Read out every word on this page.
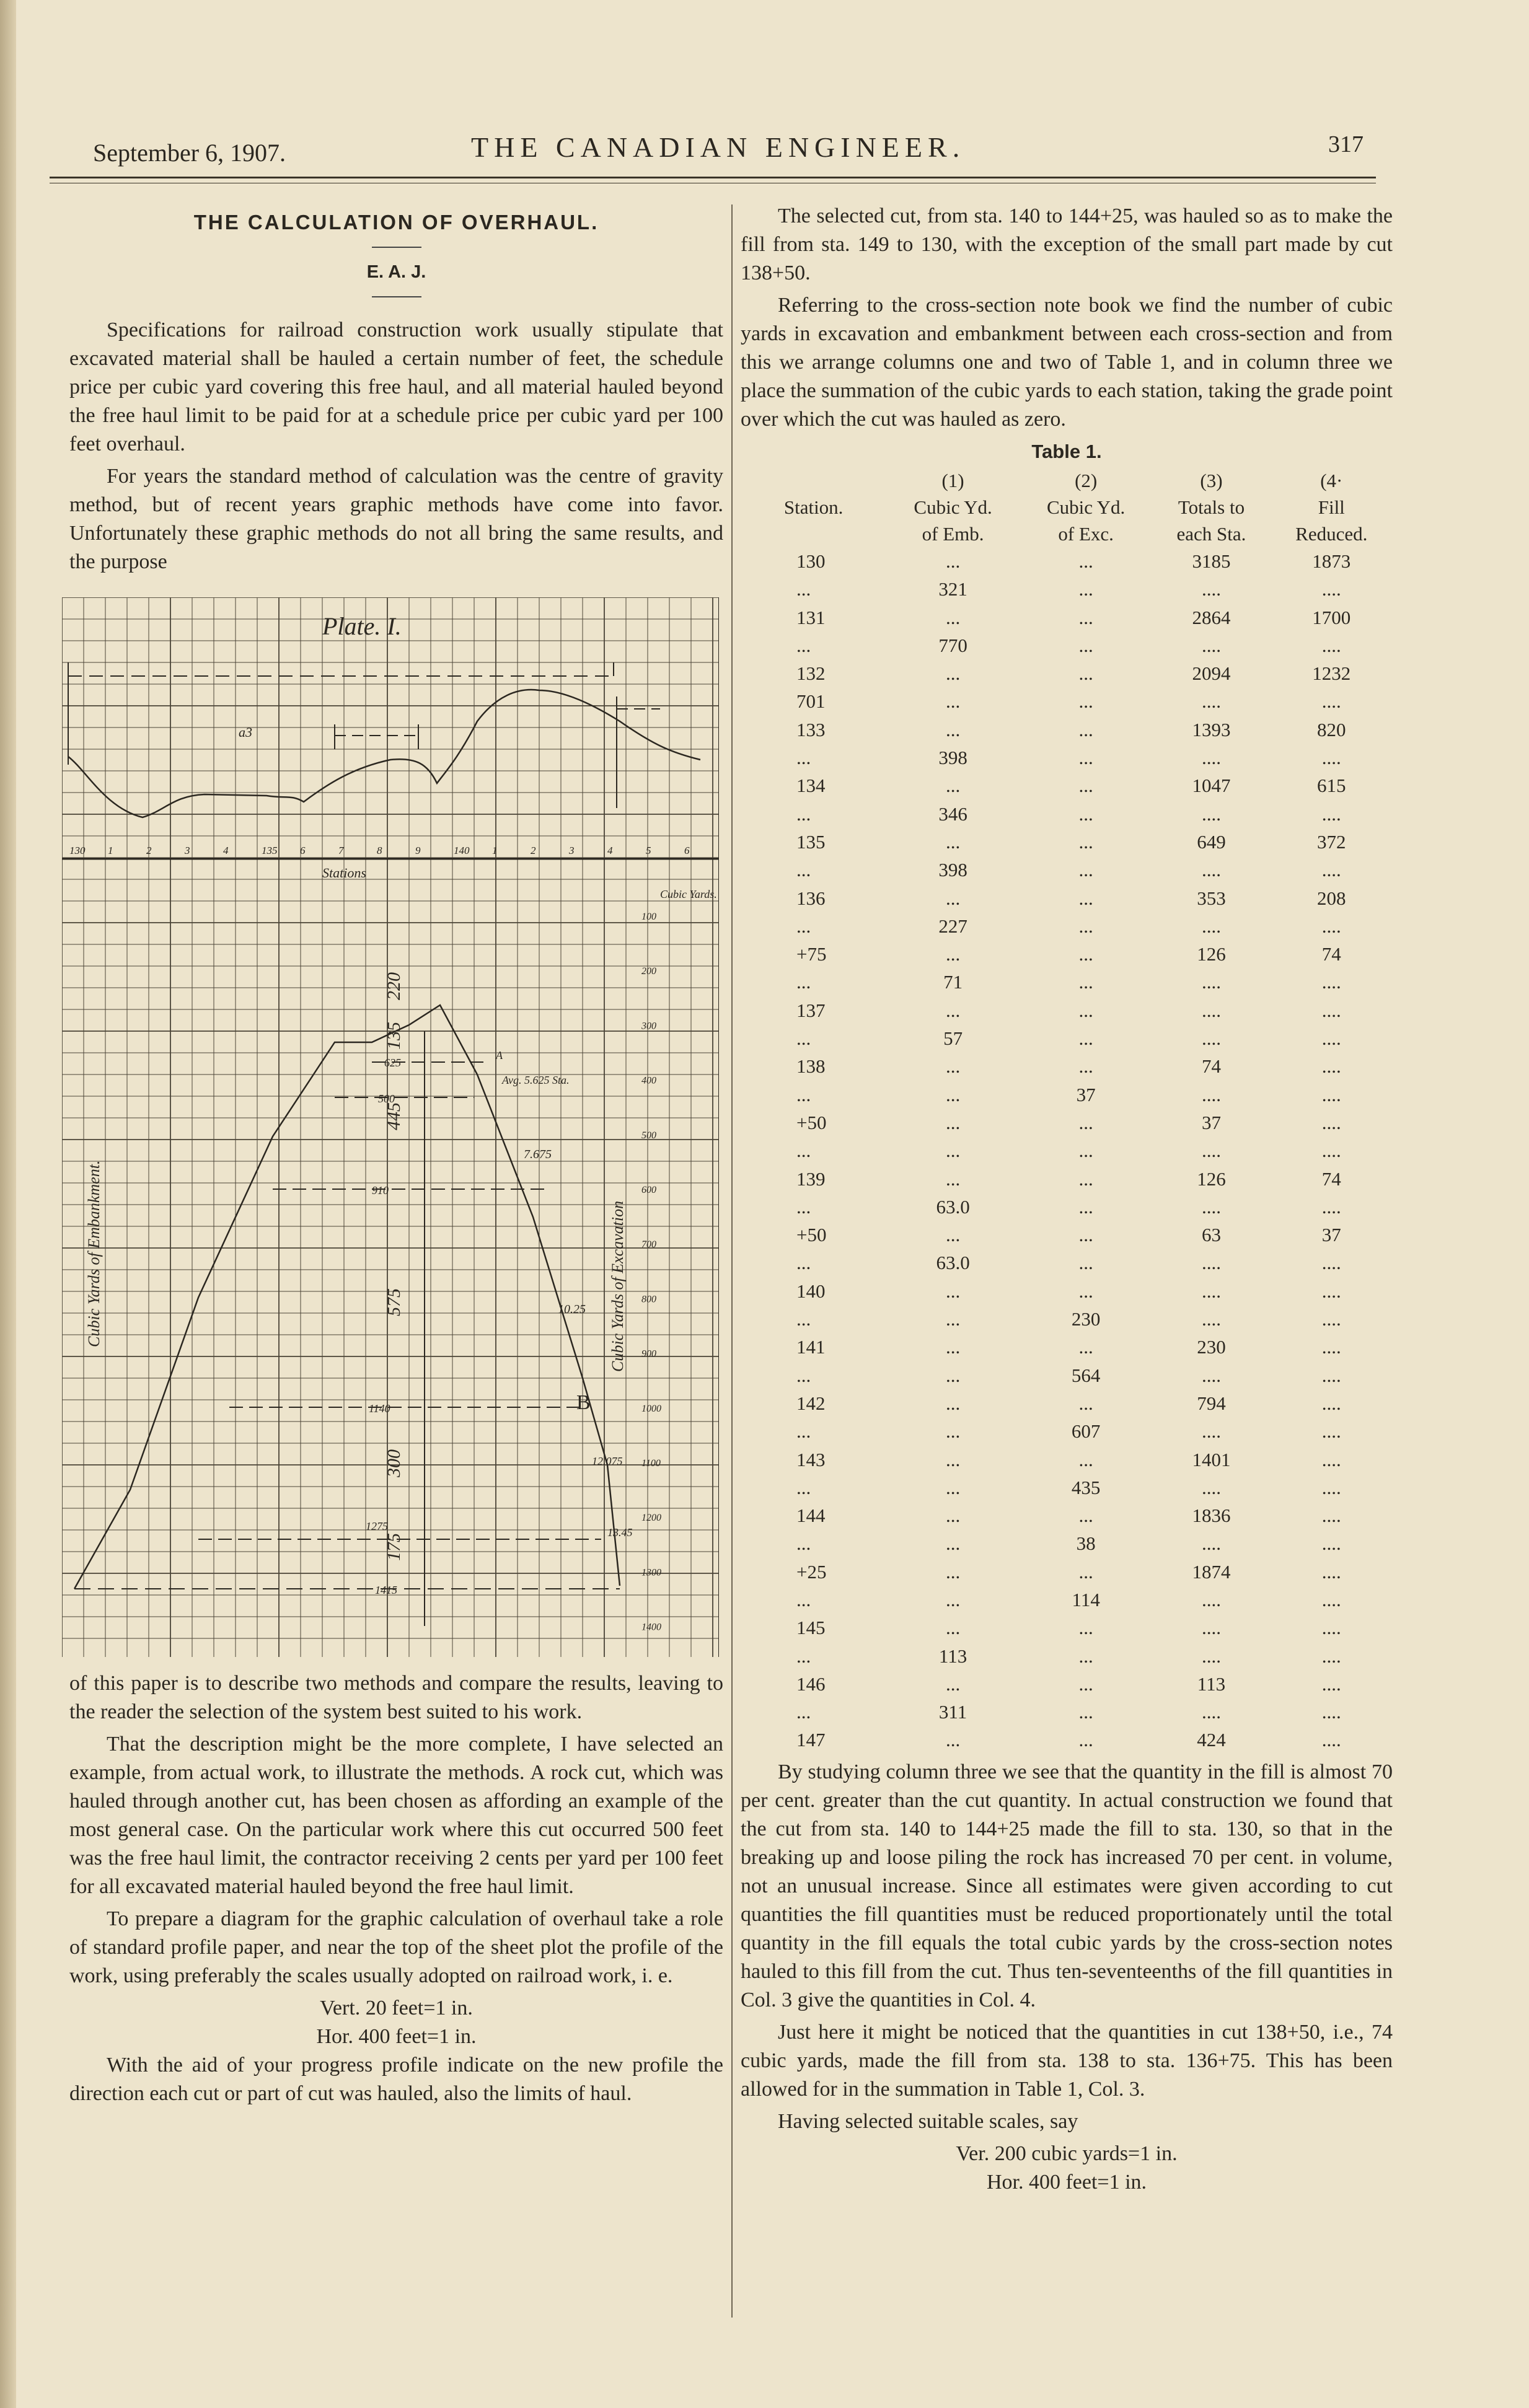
September 6, 1907.	THE CANADIAN ENGINEER.	317
THE CALCULATION OF OVERHAUL.
E. A. J.

Specifications for railroad construction work usually stipulate that excavated material shall be hauled a certain number of feet, the schedule price per cubic yard covering this free haul, and all material hauled beyond the free haul limit to be paid for at a schedule price per cubic yard per 100 feet overhaul.

For years the standard method of calculation was the centre of gravity method, but of recent years graphic methods have come into favor. Unfortunately these graphic methods do not all bring the same results, and the purpose

Plate. I.
a3
Stations
Cubic Yards.
500
A
Avg. 5.625 Sta.
625
7.675
910
10.25
1140	B
12.075
1275	13.45
1415
Cubic Yards of Embankment.	Cubic Yards of Excavation
220
135
445
575
300
175
130 1	2	3	4	135 6	7	8	9	140 1	2	3	4	5	6
100
200
300
400
500
600
700
800
900
1000
1100
1200
1300
1400

of this paper is to describe two methods and compare the results, leaving to the reader the selection of the system best suited to his work.

That the description might be the more complete, I have selected an example, from actual work, to illustrate the methods. A rock cut, which was hauled through another cut, has been chosen as affording an example of the most general case. On the particular work where this cut occurred 500 feet was the free haul limit, the contractor receiving 2 cents per yard per 100 feet for all excavated material hauled beyond the free haul limit.

To prepare a diagram for the graphic calculation of overhaul take a role of standard profile paper, and near the top of the sheet plot the profile of the work, using preferably the scales usually adopted on railroad work, i. e.

Vert. 20 feet=1 in.

Hor. 400 feet=1 in.

With the aid of your progress profile indicate on the new profile the direction each cut or part of cut was hauled, also the limits of haul.

The selected cut, from sta. 140 to 144+25, was hauled so as to make the fill from sta. 149 to 130, with the exception of the small part made by cut 138+50.

Referring to the cross-section note book we find the number of cubic yards in excavation and embankment between each cross-section and from this we arrange columns one and two of Table 1, and in column three we place the summation of the cubic yards to each station, taking the grade point over which the cut was hauled as zero.

Table 1.
	(1)	(2)	(3)	(4·
Station.	Cubic Yd.	Cubic Yd.	Totals to	Fill
	of Emb.	of Exc.	each Sta.	Reduced.
130	...	...	3185	1873
...	321	...	....	....
131	...	...	2864	1700
...	770	...	....	....
132	...	...	2094	1232
701	...	...	....	....
133	...	...	1393	820
...	398	...	....	....
134	...	...	1047	615
...	346	...	....	....
135	...	...	649	372
...	398	...	....	....
136	...	...	353	208
...	227	...	....	....
+75	...	...	126	74
...	71	...	....	....
137	...	...	....	....
...	57	...	....	....
138	...	...	74	....
...	...	37	....	....
+50	...	...	37	....
...	...	...	....	....
139	...	...	126	74
...	63.0	...	....	....
+50	...	...	63	37
...	63.0	...	....	....
140	...	...	....	....
...	...	230	....	....
141	...	...	230	....
...	...	564	....	....
142	...	...	794	....
...	...	607	....	....
143	...	...	1401	....
...	...	435	....	....
144	...	...	1836	....
...	...	38	....	....
+25	...	...	1874	....
...	...	114	....	....
145	...	...	....	....
...	113	...	....	....
146	...	...	113	....
...	311	...	....	....
147	...	...	424	....

By studying column three we see that the quantity in the fill is almost 70 per cent. greater than the cut quantity. In actual construction we found that the cut from sta. 140 to 144+25 made the fill to sta. 130, so that in the breaking up and loose piling the rock has increased 70 per cent. in volume, not an unusual increase. Since all estimates were given according to cut quantities the fill quantities must be reduced proportionately until the total quantity in the fill equals the total cubic yards by the cross-section notes hauled to this fill from the cut. Thus ten-seventeenths of the fill quantities in Col. 3 give the quantities in Col. 4.

Just here it might be noticed that the quantities in cut 138+50, i.e., 74 cubic yards, made the fill from sta. 138 to sta. 136+75. This has been allowed for in the summation in Table 1, Col. 3.

Having selected suitable scales, say

Ver. 200 cubic yards=1 in.

Hor. 400 feet=1 in.
